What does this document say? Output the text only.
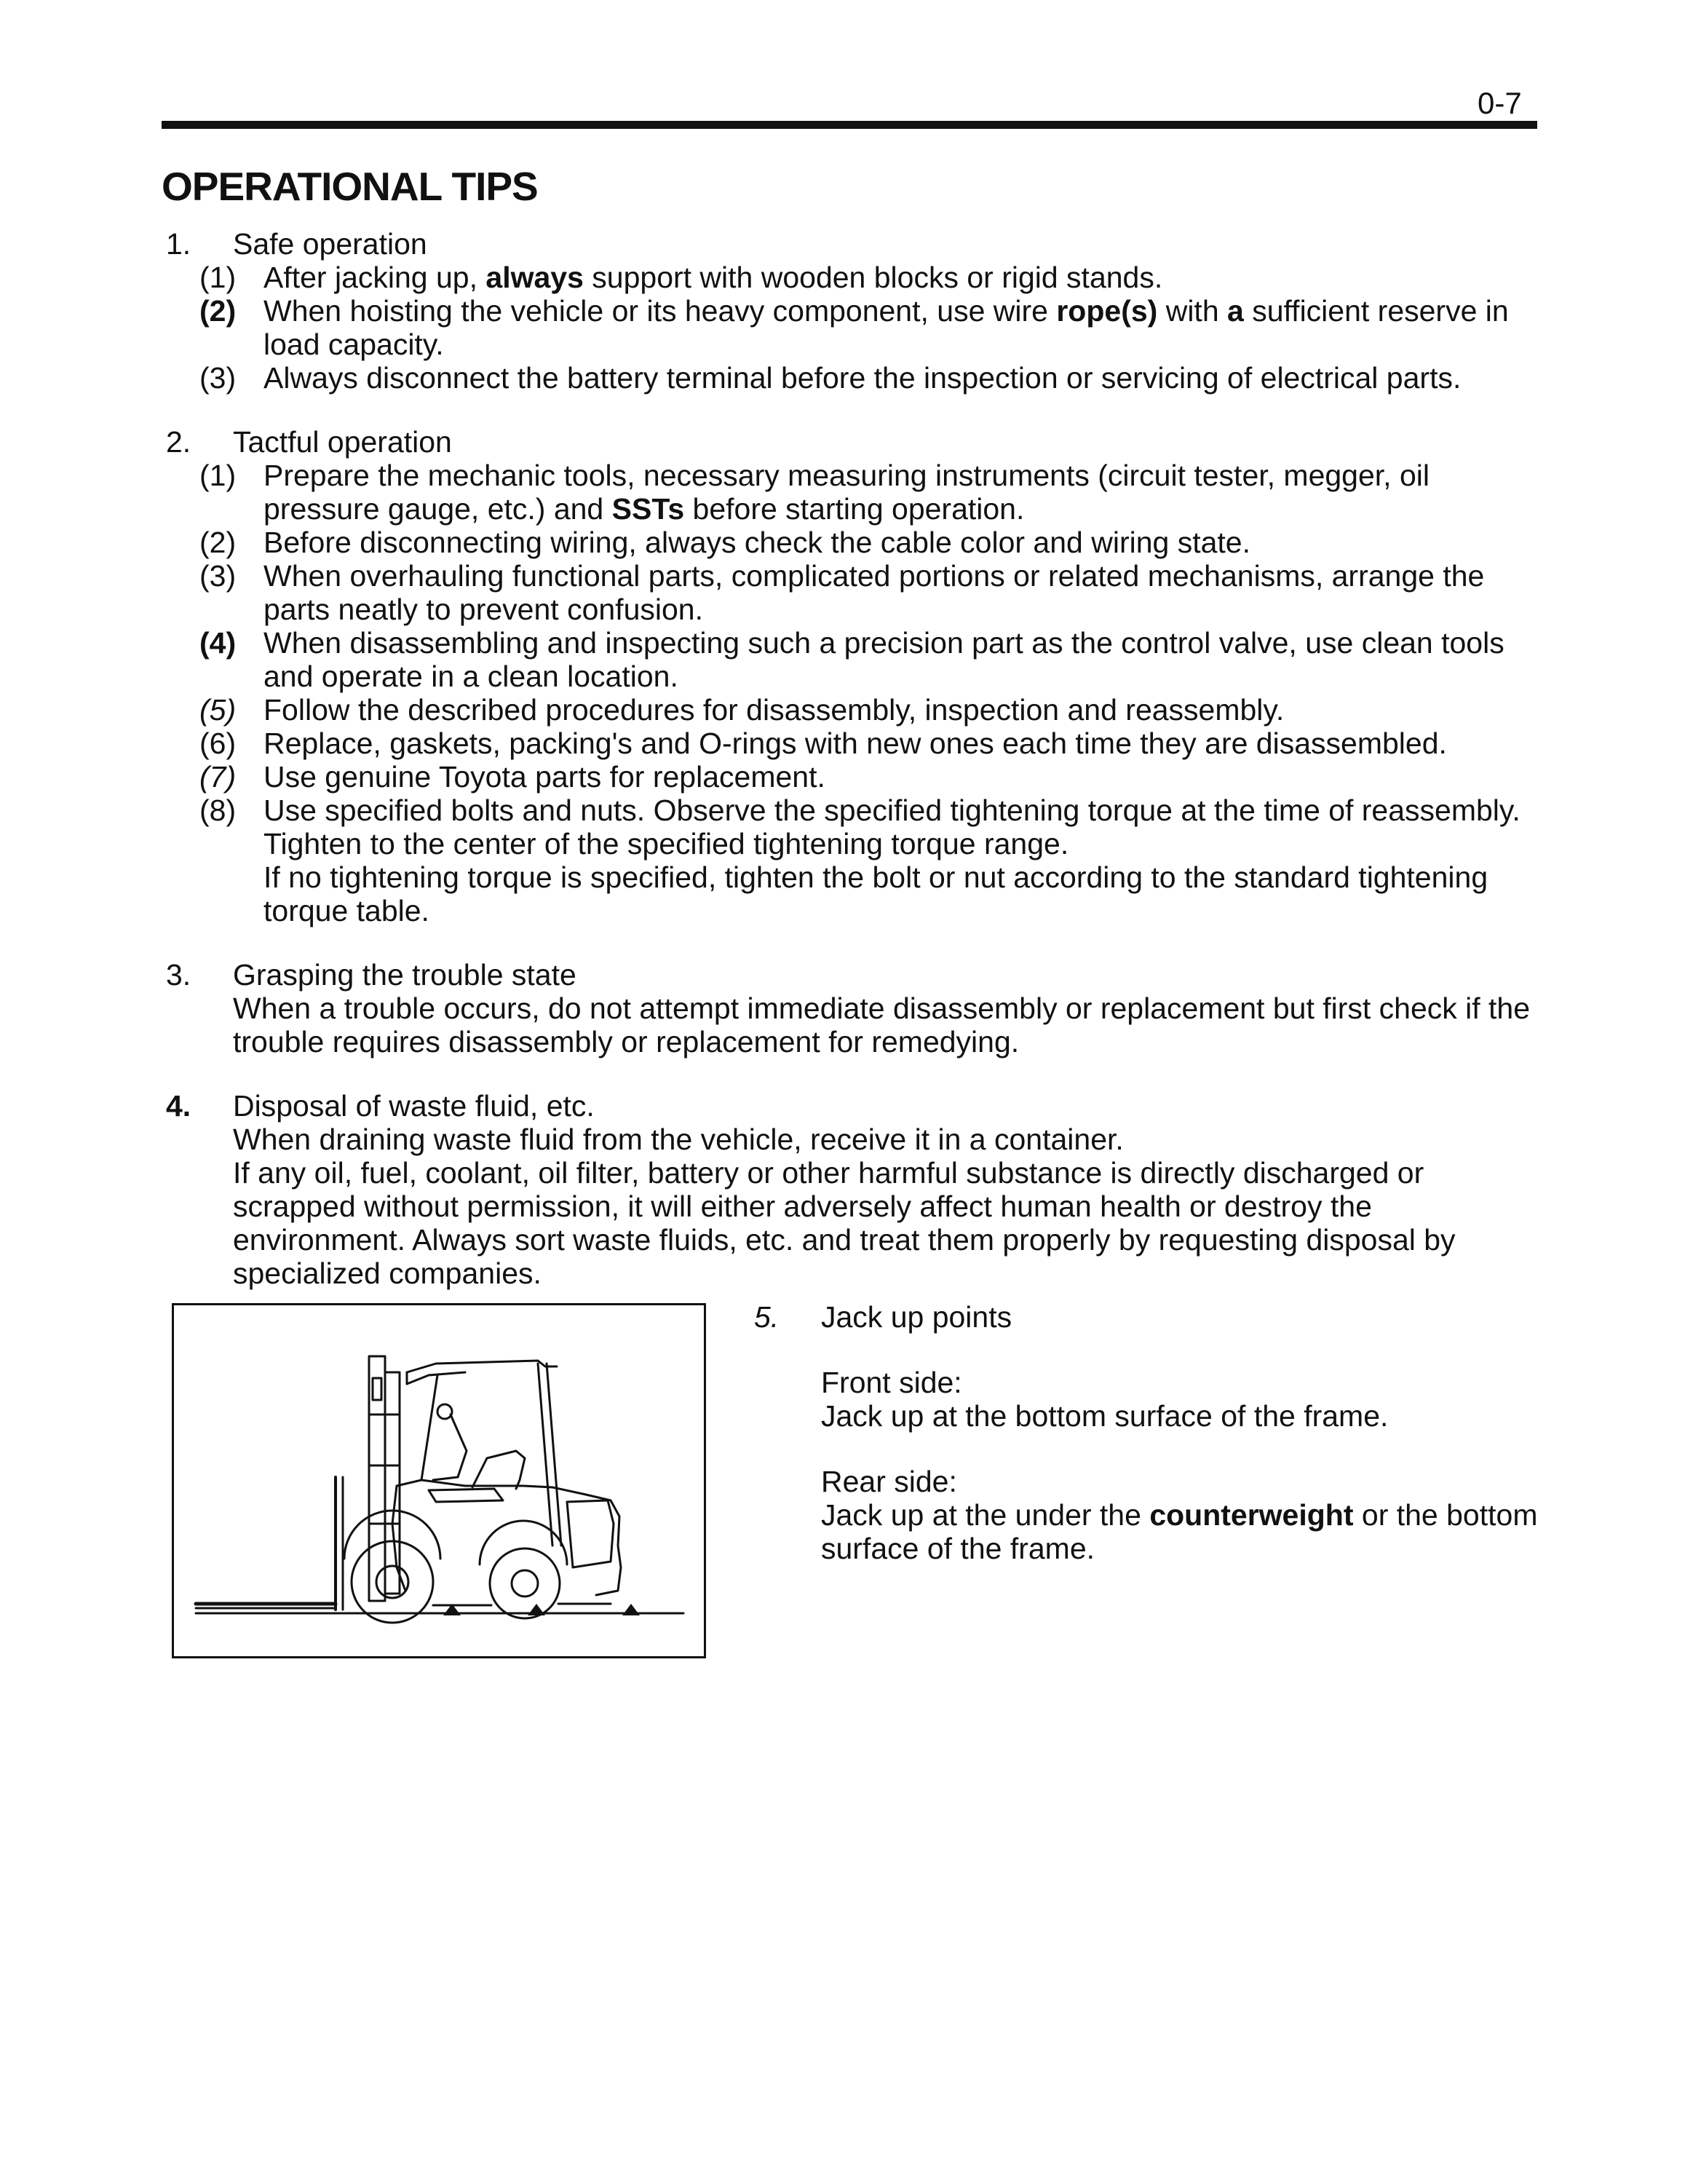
0-7
OPERATIONAL TIPS
1. Safe operation
(1) After jacking up, always support with wooden blocks or rigid stands.
(2) When hoisting the vehicle or its heavy component, use wire rope(s) with a sufficient reserve in load capacity.
(3) Always disconnect the battery terminal before the inspection or servicing of electrical parts.
2. Tactful operation
(1) Prepare the mechanic tools, necessary measuring instruments (circuit tester, megger, oil pressure gauge, etc.) and SSTs before starting operation.
(2) Before disconnecting wiring, always check the cable color and wiring state.
(3) When overhauling functional parts, complicated portions or related mechanisms, arrange the parts neatly to prevent confusion.
(4) When disassembling and inspecting such a precision part as the control valve, use clean tools and operate in a clean location.
(5) Follow the described procedures for disassembly, inspection and reassembly.
(6) Replace, gaskets, packing's and O-rings with new ones each time they are disassembled.
(7) Use genuine Toyota parts for replacement.
(8) Use specified bolts and nuts. Observe the specified tightening torque at the time of reassembly.
Tighten to the center of the specified tightening torque range.
If no tightening torque is specified, tighten the bolt or nut according to the standard tightening torque table.
3. Grasping the trouble state
When a trouble occurs, do not attempt immediate disassembly or replacement but first check if the trouble requires disassembly or replacement for remedying.
4. Disposal of waste fluid, etc.
When draining waste fluid from the vehicle, receive it in a container.
If any oil, fuel, coolant, oil filter, battery or other harmful substance is directly discharged or scrapped without permission, it will either adversely affect human health or destroy the environment. Always sort waste fluids, etc. and treat them properly by requesting disposal by specialized companies.
5. Jack up points
Front side:
Jack up at the bottom surface of the frame.
Rear side:
Jack up at the under the counterweight or the bottom surface of the frame.
